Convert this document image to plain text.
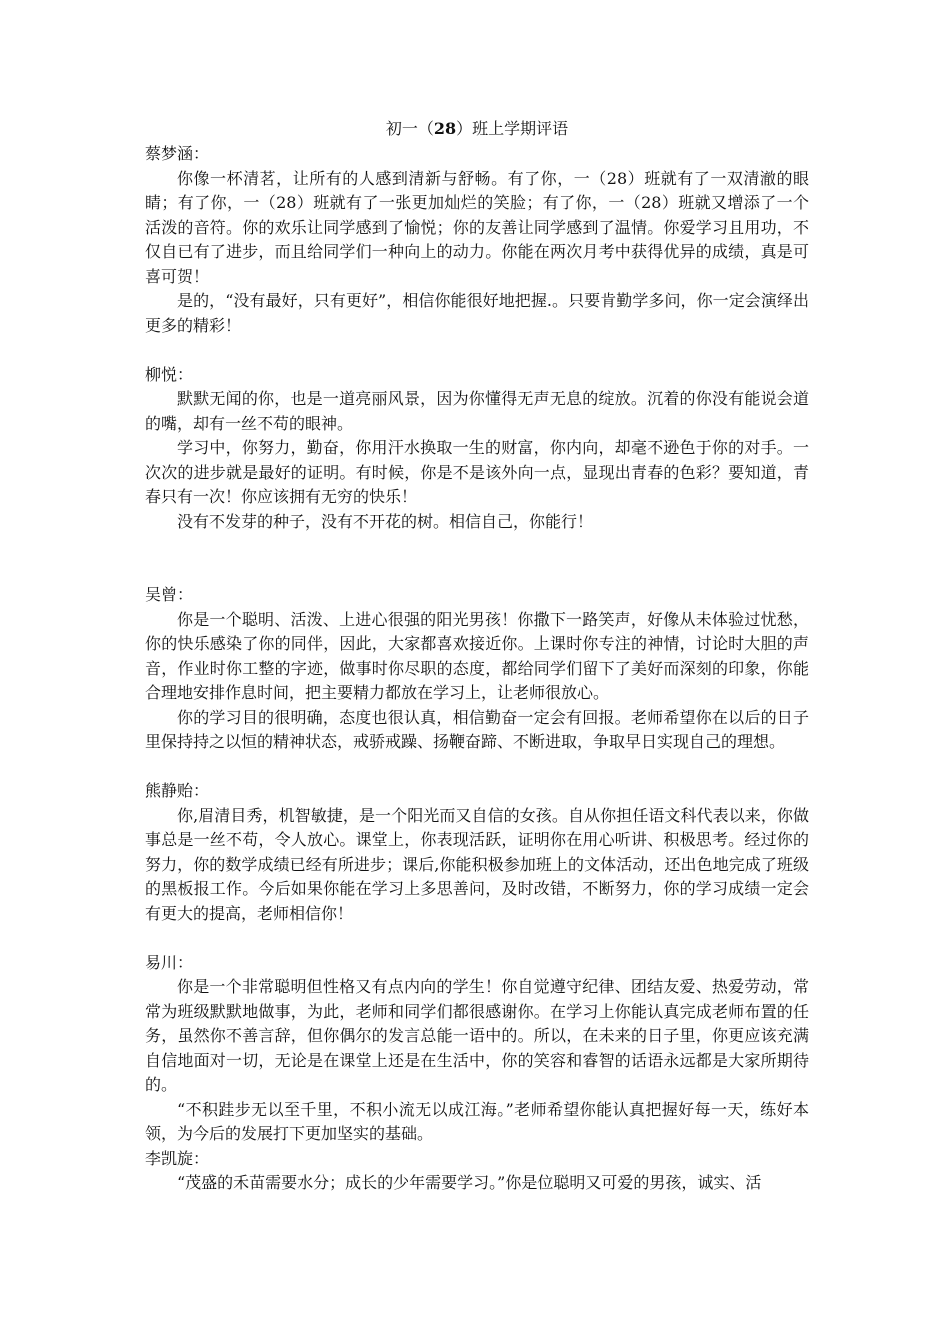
初一（28）班上学期评语

蔡梦涵：

你像一杯清茗，让所有的人感到清新与舒畅。有了你，一（28）班就有了一双清澈的眼睛；有了你，一（28）班就有了一张更加灿烂的笑脸；有了你，一（28）班就又增添了一个活泼的音符。你的欢乐让同学感到了愉悦；你的友善让同学感到了温情。你爱学习且用功，不仅自已有了进步，而且给同学们一种向上的动力。你能在两次月考中获得优异的成绩，真是可喜可贺！

是的，“没有最好，只有更好”，相信你能很好地把握.。只要肯勤学多问，你一定会演绎出更多的精彩！

柳悦：

默默无闻的你，也是一道亮丽风景，因为你懂得无声无息的绽放。沉着的你没有能说会道的嘴，却有一丝不苟的眼神。

学习中，你努力，勤奋，你用汗水换取一生的财富，你内向，却毫不逊色于你的对手。一次次的进步就是最好的证明。有时候，你是不是该外向一点，显现出青春的色彩？要知道，青春只有一次！你应该拥有无穷的快乐！

没有不发芽的种子，没有不开花的树。相信自己，你能行！

吴曾：

你是一个聪明、活泼、上进心很强的阳光男孩！你撒下一路笑声，好像从未体验过忧愁，你的快乐感染了你的同伴，因此，大家都喜欢接近你。上课时你专注的神情，讨论时大胆的声音，作业时你工整的字迹，做事时你尽职的态度，都给同学们留下了美好而深刻的印象，你能合理地安排作息时间，把主要精力都放在学习上，让老师很放心。

你的学习目的很明确，态度也很认真，相信勤奋一定会有回报。老师希望你在以后的日子里保持持之以恒的精神状态，戒骄戒躁、扬鞭奋蹄、不断进取，争取早日实现自己的理想。

熊静贻：

你,眉清目秀，机智敏捷，是一个阳光而又自信的女孩。自从你担任语文科代表以来，你做事总是一丝不苟，令人放心。课堂上，你表现活跃，证明你在用心听讲、积极思考。经过你的努力，你的数学成绩已经有所进步；课后,你能积极参加班上的文体活动，还出色地完成了班级的黑板报工作。今后如果你能在学习上多思善问，及时改错，不断努力，你的学习成绩一定会有更大的提高，老师相信你！

易川：

你是一个非常聪明但性格又有点内向的学生！你自觉遵守纪律、团结友爱、热爱劳动，常常为班级默默地做事，为此，老师和同学们都很感谢你。在学习上你能认真完成老师布置的任务，虽然你不善言辞，但你偶尔的发言总能一语中的。所以，在未来的日子里，你更应该充满自信地面对一切，无论是在课堂上还是在生活中，你的笑容和睿智的话语永远都是大家所期待的。

“不积跬步无以至千里，不积小流无以成江海。”老师希望你能认真把握好每一天，练好本领，为今后的发展打下更加坚实的基础。

李凯旋：

“茂盛的禾苗需要水分；成长的少年需要学习。”你是位聪明又可爱的男孩，诚实、活
